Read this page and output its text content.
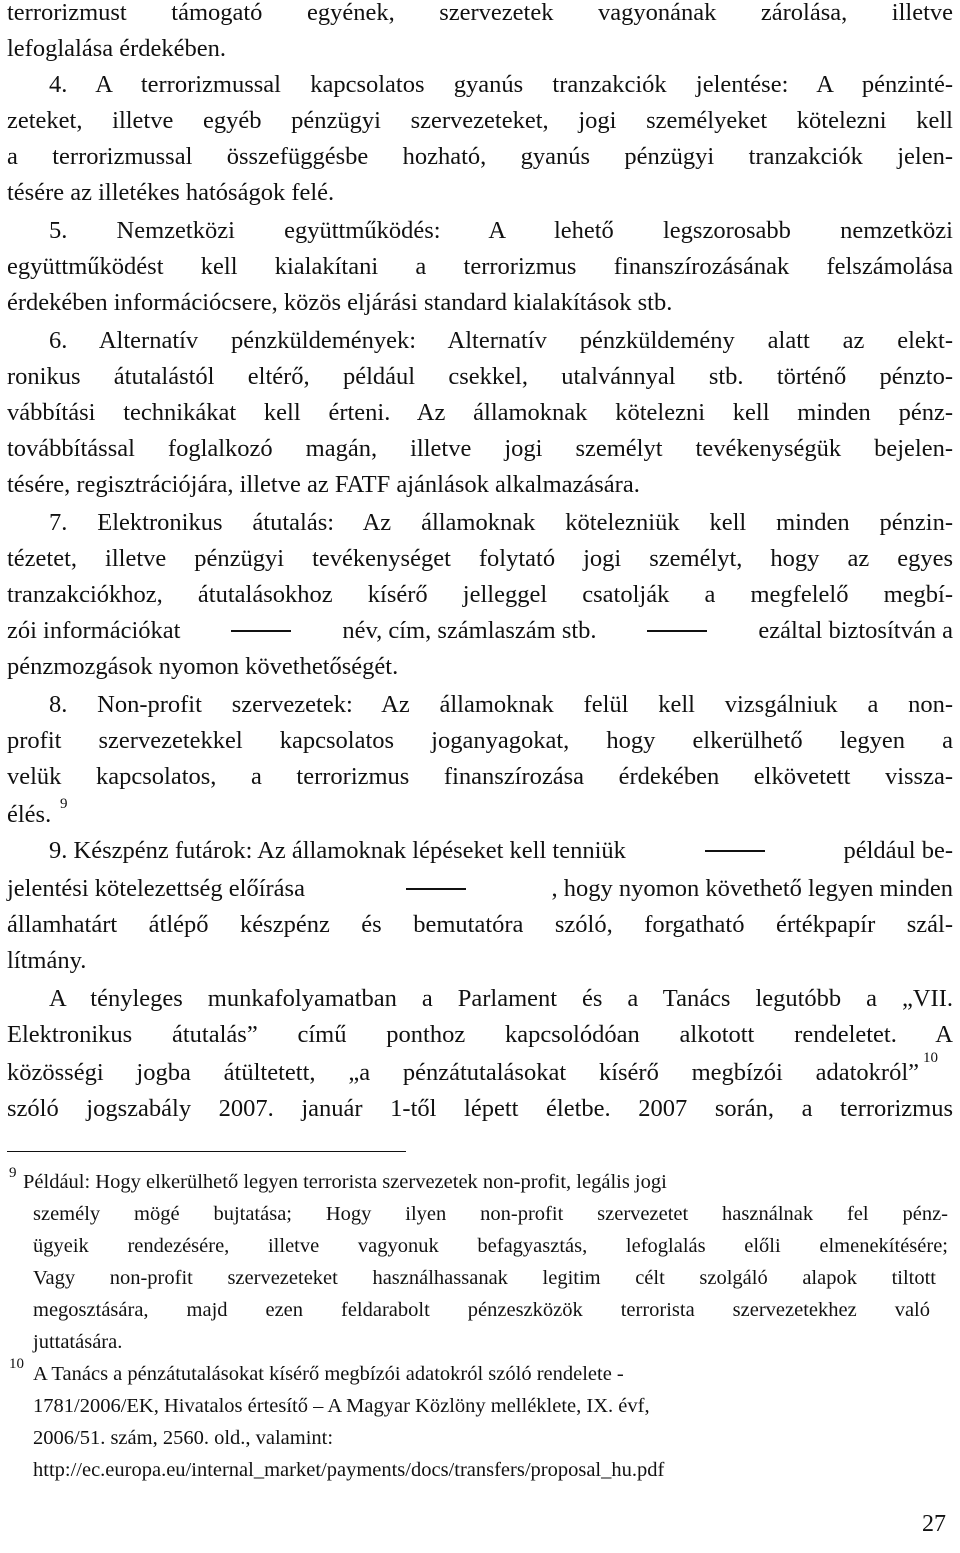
terrorizmust támogató egyének, szervezetek vagyonának zárolása, illetve
lefoglalása érdekében.
4. A terrorizmussal kapcsolatos gyanús tranzakciók jelentése: A pénzinté-
zeteket, illetve egyéb pénzügyi szervezeteket, jogi személyeket kötelezni kell
a terrorizmussal összefüggésbe hozható, gyanús pénzügyi tranzakciók jelen-
tésére az illetékes hatóságok felé.
5. Nemzetközi együttműködés: A lehető legszorosabb nemzetközi
együttműködést kell kialakítani a terrorizmus finanszírozásának felszámolása
érdekében információcsere, közös eljárási standard kialakítások stb.
6. Alternatív pénzküldemények: Alternatív pénzküldemény alatt az elekt-
ronikus átutalástól eltérő, például csekkel, utalvánnyal stb. történő pénzto-
vábbítási technikákat kell érteni. Az államoknak kötelezni kell minden pénz-
továbbítással foglalkozó magán, illetve jogi személyt tevékenységük bejelen-
tésére, regisztrációjára, illetve az FATF ajánlások alkalmazására.
7. Elektronikus átutalás: Az államoknak kötelezniük kell minden pénzin-
tézetet, illetve pénzügyi tevékenységet folytató jogi személyt, hogy az egyes
tranzakciókhoz, átutalásokhoz kísérő jelleggel csatolják a megfelelő megbí-
zói információkat	név, cím, számlaszám stb.	ezáltal biztosítván a
pénzmozgások nyomon követhetőségét.
8. Non-profit szervezetek: Az államoknak felül kell vizsgálniuk a non-
profit szervezetekkel kapcsolatos joganyagokat, hogy elkerülhető legyen a
velük kapcsolatos, a terrorizmus finanszírozása érdekében elkövetett vissza-
élés. 9
9. Készpénz futárok: Az államoknak lépéseket kell tenniük	például be-
jelentési kötelezettség előírása	, hogy nyomon követhető legyen minden
államhatárt átlépő készpénz és bemutatóra szóló, forgatható értékpapír szál-
lítmány.
A tényleges munkafolyamatban a Parlament és a Tanács legutóbb a „VII.
Elektronikus átutalás” című ponthoz kapcsolódóan alkotott rendeletet. A
közösségi jogba átültetett, „a pénzátutalásokat kísérő megbízói adatokról”
10
szóló jogszabály 2007. január 1-től lépett életbe. 2007 során, a terrorizmus
9 Például: Hogy elkerülhető legyen terrorista szervezetek non-profit, legális jogi
személy mögé bujtatása; Hogy ilyen non-profit szervezetet használnak fel pénz-
ügyeik rendezésére, illetve vagyonuk befagyasztás, lefoglalás előli elmenekítésére;
Vagy non-profit szervezeteket használhassanak legitim célt szolgáló alapok tiltott
megosztására, majd ezen feldarabolt pénzeszközök terrorista szervezetekhez való
juttatására.
10 A Tanács a pénzátutalásokat kísérő megbízói adatokról szóló rendelete -
1781/2006/EK, Hivatalos értesítő – A Magyar Közlöny melléklete, IX. évf,
2006/51. szám, 2560. old., valamint:
http://ec.europa.eu/internal_market/payments/docs/transfers/proposal_hu.pdf
27
